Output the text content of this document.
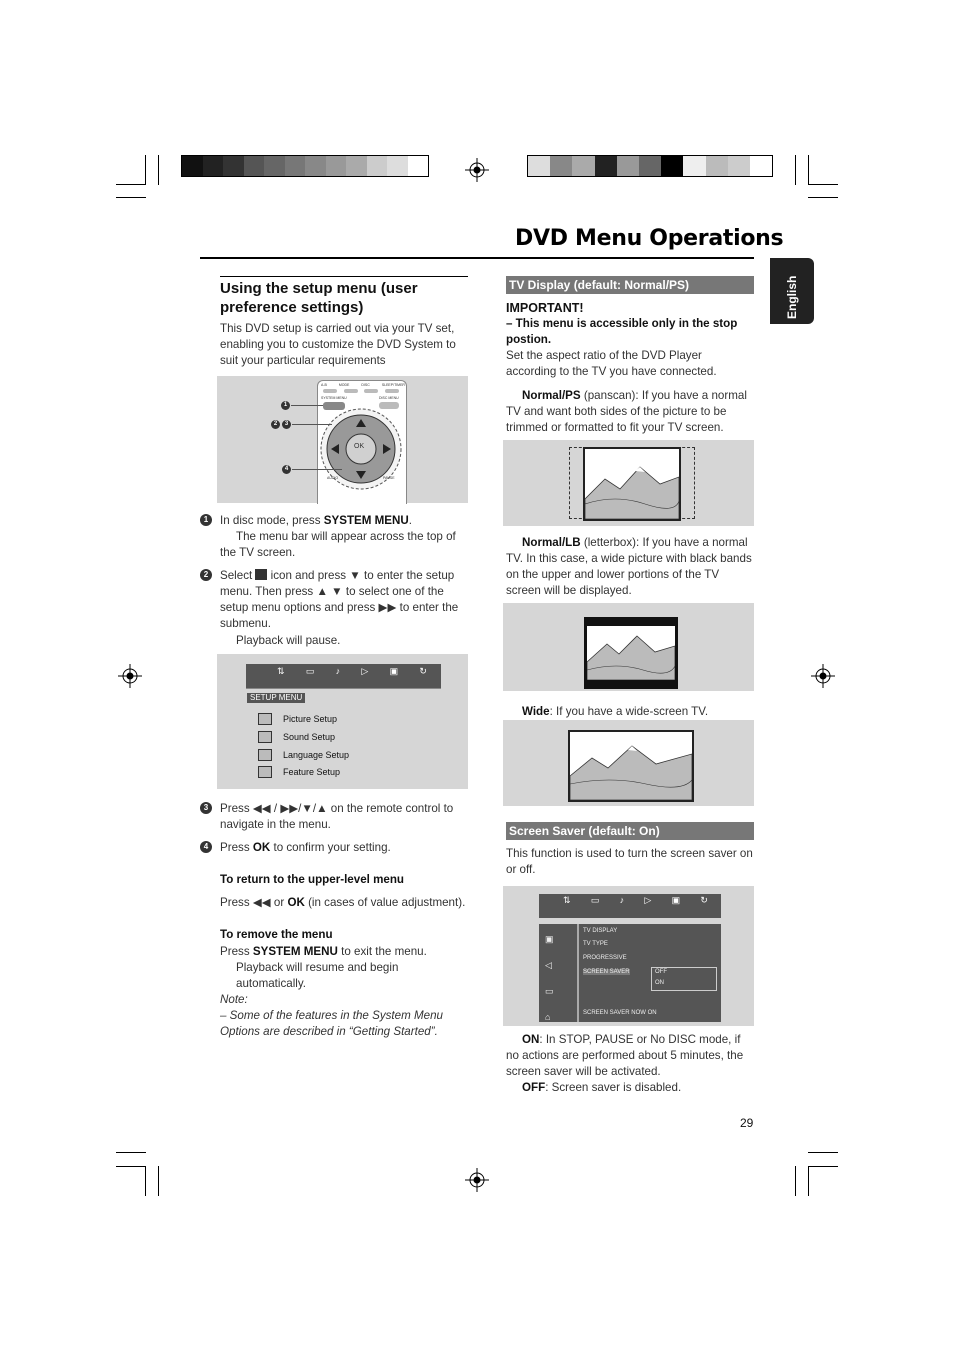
DVD Menu Operations
English
Using the setup menu (user preference settings)
This DVD setup is carried out via your TV set, enabling you to customize the DVD System to suit your particular requirements
A-B	MODE	DISC	SLEEP/TIMER
SYSTEM MENU	DISC MENU
OK
AUDIO	PAUSE
1
2	3
4
1	In disc mode, press SYSTEM MENU.
The menu bar will appear across the top of the TV screen.
2	Select  icon and press ▼ to enter the setup menu. Then press ▲ ▼ to select one of the setup menu options and press ▶▶ to enter the submenu.
Playback will pause.
⇅ ▭ ♪ ▷ ▣ ↻
SETUP MENU
Picture Setup
Sound Setup
Language Setup
Feature Setup
3	Press ◀◀ / ▶▶/▼/▲ on the remote control to navigate in the menu.
4	Press OK to confirm your setting.
To return to the upper-level menu
Press ◀◀ or OK (in cases of value adjustment).
To remove the menu
Press SYSTEM MENU to exit the menu.
Playback will resume and begin automatically.
Note:
– Some of the features in the System Menu Options are described in “Getting Started”.
TV Display (default: Normal/PS)
IMPORTANT!
– This menu is accessible only in the stop postion.
Set the aspect ratio of the DVD Player according to the TV you have connected.
Normal/PS (panscan): If you have a normal TV and want both sides of the picture to be trimmed or formatted to fit your TV screen.
Normal/LB (letterbox): If you have a normal TV. In this case, a wide picture with black bands on the upper and lower portions of the TV screen will be displayed.
Wide: If you have a wide-screen TV.
Screen Saver (default: On)
This function is used to turn the screen saver on or off.
⇅ ▭ ♪ ▷ ▣ ↻
▣
◁
▭
⌂
TV DISPLAY
TV TYPE
PROGRESSIVE
SCREEN SAVER	OFF
ON
SCREEN SAVER NOW ON
ON: In STOP, PAUSE or No DISC mode, if no actions are performed about 5 minutes, the screen saver will be activated.
OFF: Screen saver is disabled.
29
